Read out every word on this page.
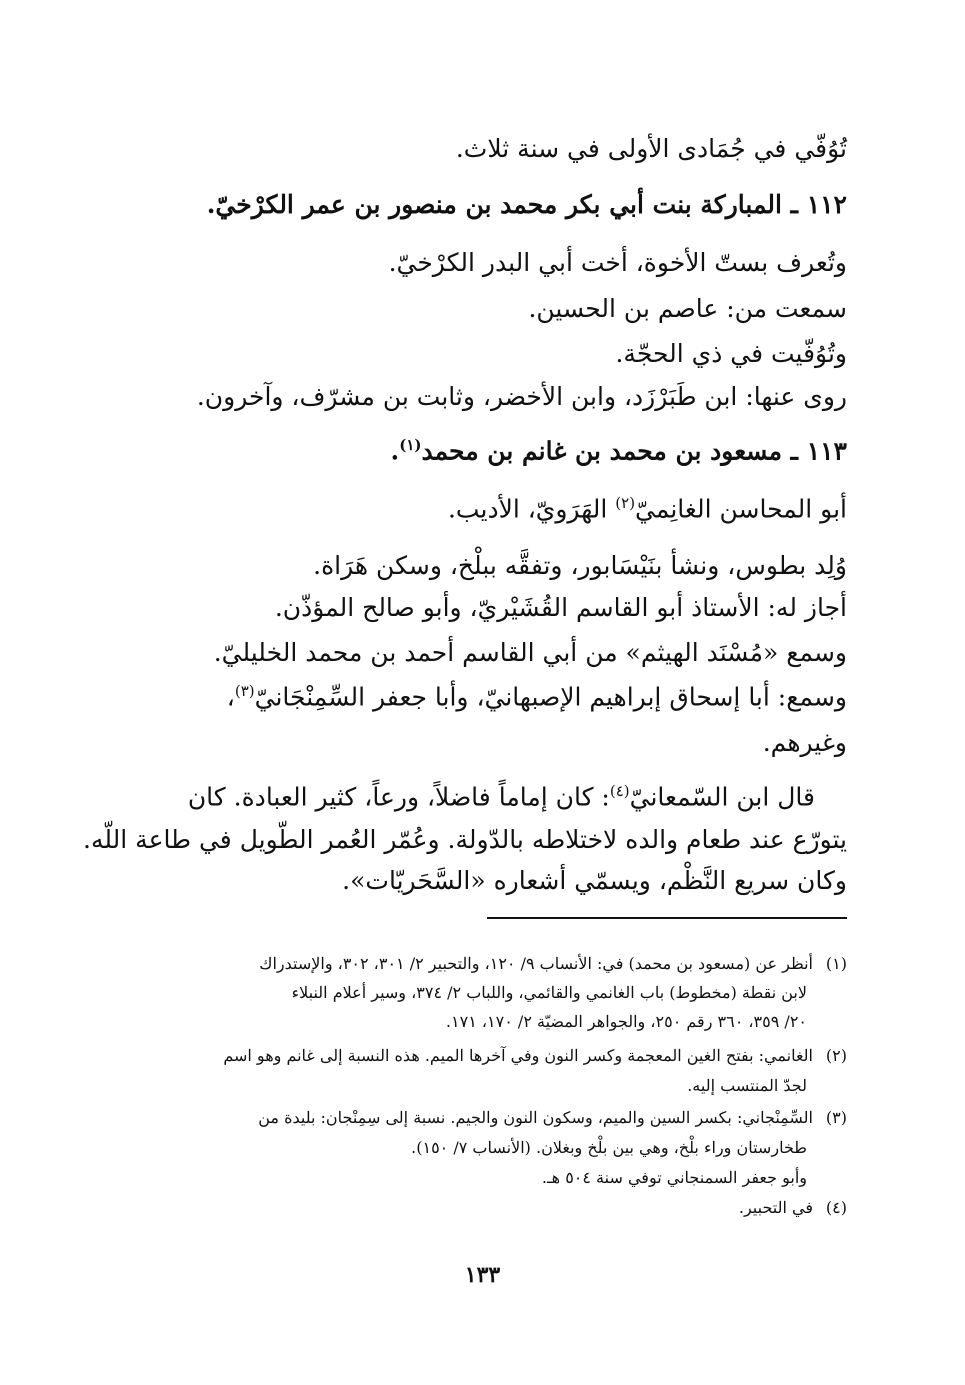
تُوُفّي في جُمَادى الأولى في سنة ثلاث.
١١٢ ـ المباركة بنت أبي بكر محمد بن منصور بن عمر الكرْخيّ.
وتُعرف بستّ الأخوة، أخت أبي البدر الكرْخيّ.
سمعت من: عاصم بن الحسين.
وتُوُفّيت في ذي الحجّة.
روى عنها: ابن طَبَرْزَد، وابن الأخضر، وثابت بن مشرّف، وآخرون.
١١٣ ـ مسعود بن محمد بن غانم بن محمد$^{(١)}$.
أبو المحاسن الغانِميّ$^{(٢)}$ الهَرَويّ، الأديب.
وُلِد بطوس، ونشأ بنَيْسَابور، وتفقَّه ببلْخ، وسكن هَرَاة.
أجاز له: الأستاذ أبو القاسم القُشَيْريّ، وأبو صالح المؤذّن.
وسمع «مُسْنَد الهيثم» من أبي القاسم أحمد بن محمد الخليليّ.
وسمع: أبا إسحاق إبراهيم الإصبهانيّ، وأبا جعفر السِّمِنْجَانيّ$^{(٣)}$،
وغيرهم.
قال ابن السّمعانيّ$^{(٤)}$: كان إماماً فاضلاً، ورعاً، كثير العبادة. كان
يتورّع عند طعام والده لاختلاطه بالدّولة. وعُمّر العُمر الطّويل في طاعة اللّه.
وكان سريع النَّظْم، ويسمّي أشعاره «السَّحَريّات».
(١)أنظر عن (مسعود بن محمد) في: الأنساب ٩/ ١٢٠، والتحبير ٢/ ٣٠١، ٣٠٢، والإستدراك
لابن نقطة (مخطوط) باب الغانمي والقائمي، واللباب ٢/ ٣٧٤، وسير أعلام النبلاء
٢٠/ ٣٥٩، ٣٦٠ رقم ٢٥٠، والجواهر المضيّة ٢/ ١٧٠، ١٧١.
(٢)الغانمي: بفتح الغين المعجمة وكسر النون وفي آخرها الميم. هذه النسبة إلى غانم وهو اسم
لجدّ المنتسب إليه.
(٣)السِّمِنْجاني: بكسر السين والميم، وسكون النون والجيم. نسبة إلى سِمِنْجان: بليدة من
طخارستان وراء بلْخ، وهي بين بلْخ وبغلان. (الأنساب ٧/ ١٥٠).
وأبو جعفر السمنجاني توفي سنة ٥٠٤ هـ.
(٤)في التحبير.
١٣٣
